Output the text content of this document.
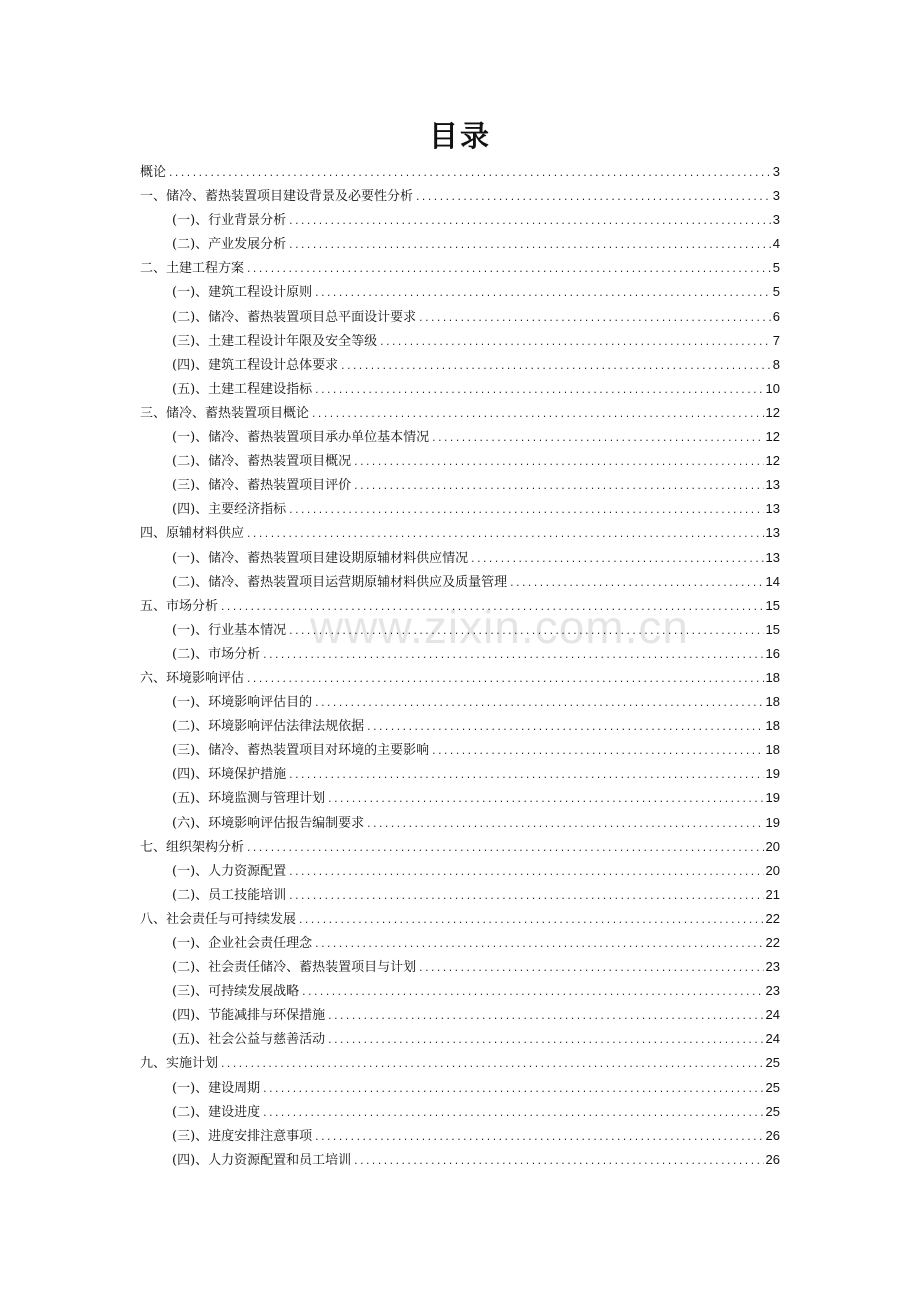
目录
概论 .....	3
一、储冷、蓄热装置项目建设背景及必要性分析 .....	3
(一)、行业背景分析 .....	3
(二)、产业发展分析 .....	4
二、土建工程方案 .....	5
(一)、建筑工程设计原则 .....	5
(二)、储冷、蓄热装置项目总平面设计要求 .....	6
(三)、土建工程设计年限及安全等级 .....	7
(四)、建筑工程设计总体要求 .....	8
(五)、土建工程建设指标 .....	10
三、储冷、蓄热装置项目概论 .....	12
(一)、储冷、蓄热装置项目承办单位基本情况 .....	12
(二)、储冷、蓄热装置项目概况 .....	12
(三)、储冷、蓄热装置项目评价 .....	13
(四)、主要经济指标 .....	13
四、原辅材料供应 .....	13
(一)、储冷、蓄热装置项目建设期原辅材料供应情况 .....	13
(二)、储冷、蓄热装置项目运营期原辅材料供应及质量管理 .....	14
五、市场分析 .....	15
(一)、行业基本情况 .....	15
(二)、市场分析 .....	16
六、环境影响评估 .....	18
(一)、环境影响评估目的 .....	18
(二)、环境影响评估法律法规依据 .....	18
(三)、储冷、蓄热装置项目对环境的主要影响 .....	18
(四)、环境保护措施 .....	19
(五)、环境监测与管理计划 .....	19
(六)、环境影响评估报告编制要求 .....	19
七、组织架构分析 .....	20
(一)、人力资源配置 .....	20
(二)、员工技能培训 .....	21
八、社会责任与可持续发展 .....	22
(一)、企业社会责任理念 .....	22
(二)、社会责任储冷、蓄热装置项目与计划 .....	23
(三)、可持续发展战略 .....	23
(四)、节能减排与环保措施 .....	24
(五)、社会公益与慈善活动 .....	24
九、实施计划 .....	25
(一)、建设周期 .....	25
(二)、建设进度 .....	25
(三)、进度安排注意事项 .....	26
(四)、人力资源配置和员工培训 .....	26
www.zixin.com.cn
